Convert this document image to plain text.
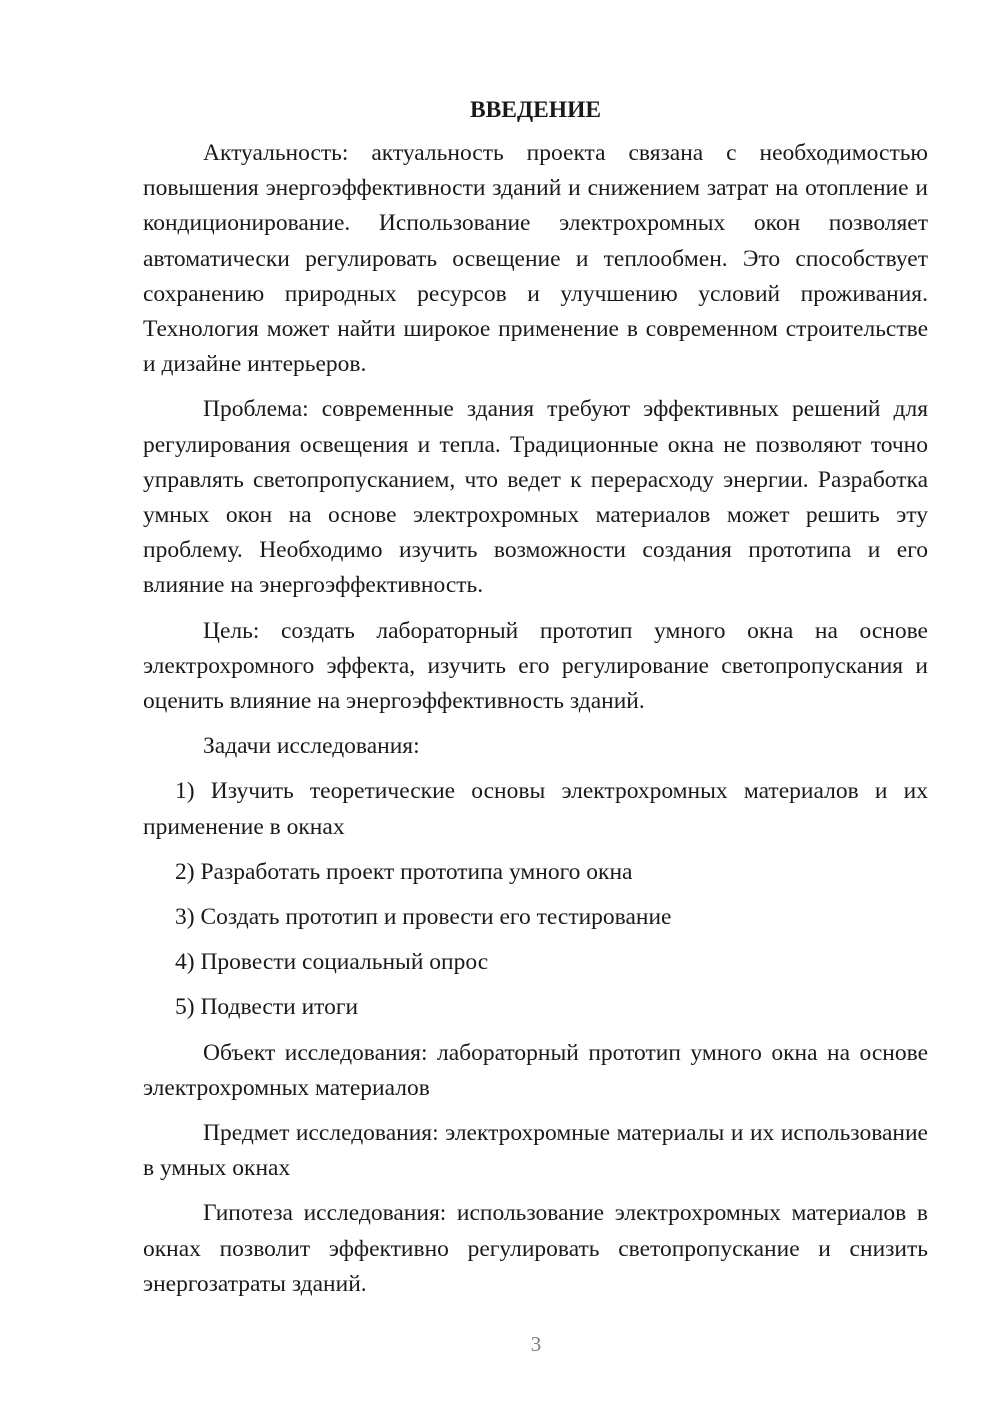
ВВЕДЕНИЕ

Актуальность: актуальность проекта связана с необходимостью повышения энергоэффективности зданий и снижением затрат на отопление и кондиционирование. Использование электрохромных окон позволяет автоматически регулировать освещение и теплообмен. Это способствует сохранению природных ресурсов и улучшению условий проживания. Технология может найти широкое применение в современном строительстве и дизайне интерьеров.

Проблема: современные здания требуют эффективных решений для регулирования освещения и тепла. Традиционные окна не позволяют точно управлять светопропусканием, что ведет к перерасходу энергии. Разработка умных окон на основе электрохромных материалов может решить эту проблему. Необходимо изучить возможности создания прототипа и его влияние на энергоэффективность.

Цель: создать лабораторный прототип умного окна на основе электрохромного эффекта, изучить его регулирование светопропускания и оценить влияние на энергоэффективность зданий.

Задачи исследования:

1) Изучить теоретические основы электрохромных материалов и их применение в окнах

2) Разработать проект прототипа умного окна

3) Создать прототип и провести его тестирование

4) Провести социальный опрос

5) Подвести итоги

Объект исследования: лабораторный прототип умного окна на основе электрохромных материалов

Предмет исследования: электрохромные материалы и их использование в умных окнах

Гипотеза исследования: использование электрохромных материалов в окнах позволит эффективно регулировать светопропускание и снизить энергозатраты зданий.

3
